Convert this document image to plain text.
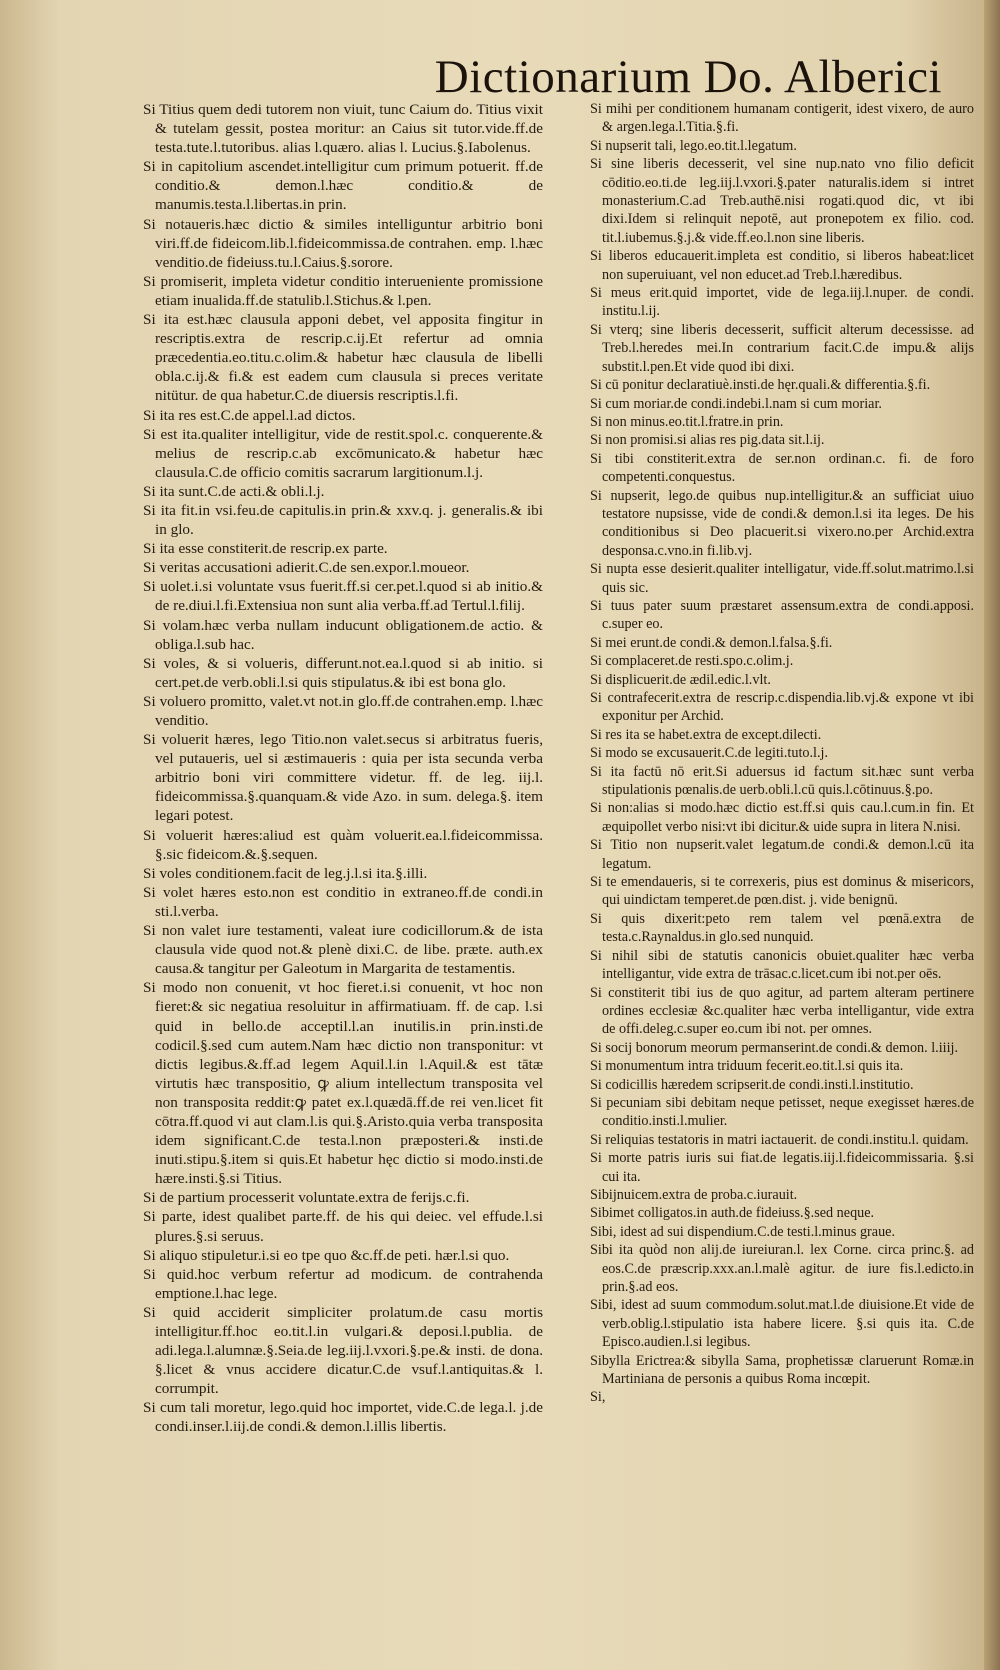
Dictionarium Do. Alberici

Si Titius quem dedi tutorem non viuit, tunc Caium do. Titius vixit & tutelam gessit, postea moritur: an Caius sit tutor.vide.ff.de testa.tute.l.tutoribus. alias l.quæro. alias l. Lucius.§.Iabolenus.

Si in capitolium ascendet.intelligitur cum primum potuerit. ff.de conditio.& demon.l.hæc conditio.& de manumis.testa.l.libertas.in prin.

Si notaueris.hæc dictio & similes intelliguntur arbitrio boni viri.ff.de fideicom.lib.l.fideicommissa.de contrahen. emp. l.hæc venditio.de fideiuss.tu.l.Caius.§.sorore.

Si promiserit, impleta videtur conditio interueniente promissione etiam inualida.ff.de statulib.l.Stichus.& l.pen.

Si ita est.hæc clausula apponi debet, vel apposita fingitur in rescriptis.extra de rescrip.c.ij.Et refertur ad omnia præcedentia.eo.titu.c.olim.& habetur hæc clausula de libelli obla.c.ij.& fi.& est eadem cum clausula si preces veritate nitütur. de qua habetur.C.de diuersis rescriptis.l.fi.

Si ita res est.C.de appel.l.ad dictos.

Si est ita.qualiter intelligitur, vide de restit.spol.c. conquerente.& melius de rescrip.c.ab excōmunicato.& habetur hæc clausula.C.de officio comitis sacrarum largitionum.l.j.

Si ita sunt.C.de acti.& obli.l.j.

Si ita fit.in vsi.feu.de capitulis.in prin.& xxv.q. j. generalis.& ibi in glo.

Si ita esse constiterit.de rescrip.ex parte.

Si veritas accusationi adierit.C.de sen.expor.l.moueor.

Si uolet.i.si voluntate vsus fuerit.ff.si cer.pet.l.quod si ab initio.& de re.diui.l.fi.Extensiua non sunt alia verba.ff.ad Tertul.l.filij.

Si volam.hæc verba nullam inducunt obligationem.de actio. & obliga.l.sub hac.

Si voles, & si volueris, differunt.not.ea.l.quod si ab initio. si cert.pet.de verb.obli.l.si quis stipulatus.& ibi est bona glo.

Si voluero promitto, valet.vt not.in glo.ff.de contrahen.emp. l.hæc venditio.

Si voluerit hæres, lego Titio.non valet.secus si arbitratus fueris, vel putaueris, uel si æstimaueris : quia per ista secunda verba arbitrio boni viri committere videtur. ff. de leg. iij.l. fideicommissa.§.quanquam.& vide Azo. in sum. delega.§. item legari potest.

Si voluerit hæres:aliud est quàm voluerit.ea.l.fideicommissa. §.sic fideicom.&.§.sequen.

Si voles conditionem.facit de leg.j.l.si ita.§.illi.

Si volet hæres esto.non est conditio in extraneo.ff.de condi.in sti.l.verba.

Si non valet iure testamenti, valeat iure codicillorum.& de ista clausula vide quod not.& plenè dixi.C. de libe. præte. auth.ex causa.& tangitur per Galeotum in Margarita de testamentis.

Si modo non conuenit, vt hoc fieret.i.si conuenit, vt hoc non fieret:& sic negatiua resoluitur in affirmatiuam. ff. de cap. l.si quid in bello.de acceptil.l.an inutilis.in prin.insti.de codicil.§.sed cum autem.Nam hæc dictio non transponitur: vt dictis legibus.&.ff.ad legem Aquil.l.in l.Aquil.& est tātæ virtutis hæc transpositio, ꝙ alium intellectum transposita vel non transposita reddit:ꝙ patet ex.l.quædā.ff.de rei ven.licet fit cōtra.ff.quod vi aut clam.l.is qui.§.Aristo.quia verba transposita idem significant.C.de testa.l.non præposteri.& insti.de inuti.stipu.§.item si quis.Et habetur hęc dictio si modo.insti.de hære.insti.§.si Titius.

Si de partium processerit voluntate.extra de ferijs.c.fi.

Si parte, idest qualibet parte.ff. de his qui deiec. vel effude.l.si plures.§.si seruus.

Si aliquo stipuletur.i.si eo tpe quo &c.ff.de peti. hær.l.si quo.

Si quid.hoc verbum refertur ad modicum. de contrahenda emptione.l.hac lege.

Si quid acciderit simpliciter prolatum.de casu mortis intelligitur.ff.hoc eo.tit.l.in vulgari.& deposi.l.publia. de adi.lega.l.alumnæ.§.Seia.de leg.iij.l.vxori.§.pe.& insti. de dona. §.licet & vnus accidere dicatur.C.de vsuf.l.antiquitas.& l. corrumpit.

Si cum tali moretur, lego.quid hoc importet, vide.C.de lega.l. j.de condi.inser.l.iij.de condi.& demon.l.illis libertis.

Si mihi per conditionem humanam contigerit, idest vixero, de auro & argen.lega.l.Titia.§.fi.

Si nupserit tali, lego.eo.tit.l.legatum.

Si sine liberis decesserit, vel sine nup.nato vno filio deficit cōditio.eo.ti.de leg.iij.l.vxori.§.pater naturalis.idem si intret monasterium.C.ad Treb.authē.nisi rogati.quod dic, vt ibi dixi.Idem si relinquit nepotē, aut pronepotem ex filio. cod. tit.l.iubemus.§.j.& vide.ff.eo.l.non sine liberis.

Si liberos educauerit.impleta est conditio, si liberos habeat:licet non superuiuant, vel non educet.ad Treb.l.hæredibus.

Si meus erit.quid importet, vide de lega.iij.l.nuper. de condi. institu.l.ij.

Si vterq; sine liberis decesserit, sufficit alterum decessisse. ad Treb.l.heredes mei.In contrarium facit.C.de impu.& alijs substit.l.pen.Et vide quod ibi dixi.

Si cū ponitur declaratiuè.insti.de hęr.quali.& differentia.§.fi.

Si cum moriar.de condi.indebi.l.nam si cum moriar.

Si non minus.eo.tit.l.fratre.in prin.

Si non promisi.si alias res pig.data sit.l.ij.

Si tibi constiterit.extra de ser.non ordinan.c. fi. de foro competenti.conquestus.

Si nupserit, lego.de quibus nup.intelligitur.& an sufficiat uiuo testatore nupsisse, vide de condi.& demon.l.si ita leges. De his conditionibus si Deo placuerit.si vixero.no.per Archid.extra desponsa.c.vno.in fi.lib.vj.

Si nupta esse desierit.qualiter intelligatur, vide.ff.solut.matrimo.l.si quis sic.

Si tuus pater suum præstaret assensum.extra de condi.apposi. c.super eo.

Si mei erunt.de condi.& demon.l.falsa.§.fi.

Si complaceret.de resti.spo.c.olim.j.

Si displicuerit.de ædil.edic.l.vlt.

Si contrafecerit.extra de rescrip.c.dispendia.lib.vj.& expone vt ibi exponitur per Archid.

Si res ita se habet.extra de except.dilecti.

Si modo se excusauerit.C.de legiti.tuto.l.j.

Si ita factū nō erit.Si aduersus id factum sit.hæc sunt verba stipulationis pœnalis.de uerb.obli.l.cū quis.l.cōtinuus.§.po.

Si non:alias si modo.hæc dictio est.ff.si quis cau.l.cum.in fin. Et æquipollet verbo nisi:vt ibi dicitur.& uide supra in litera N.nisi.

Si Titio non nupserit.valet legatum.de condi.& demon.l.cū ita legatum.

Si te emendaueris, si te correxeris, pius est dominus & misericors, qui uindictam temperet.de pœn.dist. j. vide benignū.

Si quis dixerit:peto rem talem vel pœnā.extra de testa.c.Raynaldus.in glo.sed nunquid.

Si nihil sibi de statutis canonicis obuiet.qualiter hæc verba intelligantur, vide extra de trāsac.c.licet.cum ibi not.per oēs.

Si constiterit tibi ius de quo agitur, ad partem alteram pertinere ordines ecclesiæ &c.qualiter hæc verba intelligantur, vide extra de offi.deleg.c.super eo.cum ibi not. per omnes.

Si socij bonorum meorum permanserint.de condi.& demon. l.iiij.

Si monumentum intra triduum fecerit.eo.tit.l.si quis ita.

Si codicillis hæredem scripserit.de condi.insti.l.institutio.

Si pecuniam sibi debitam neque petisset, neque exegisset hæres.de conditio.insti.l.mulier.

Si reliquias testatoris in matri iactauerit. de condi.institu.l. quidam.

Si morte patris iuris sui fiat.de legatis.iij.l.fideicommissaria. §.si cui ita.

Sibijnuicem.extra de proba.c.iurauit.

Sibimet colligatos.in auth.de fideiuss.§.sed neque.

Sibi, idest ad sui dispendium.C.de testi.l.minus graue.

Sibi ita quòd non alij.de iureiuran.l. lex Corne. circa princ.§. ad eos.C.de præscrip.xxx.an.l.malè agitur. de iure fis.l.edicto.in prin.§.ad eos.

Sibi, idest ad suum commodum.solut.mat.l.de diuisione.Et vide de verb.oblig.l.stipulatio ista habere licere. §.si quis ita. C.de Episco.audien.l.si legibus.

Sibylla Erictrea:& sibylla Sama, prophetissæ claruerunt Romæ.in Martiniana de personis a quibus Roma incœpit.

Si,
